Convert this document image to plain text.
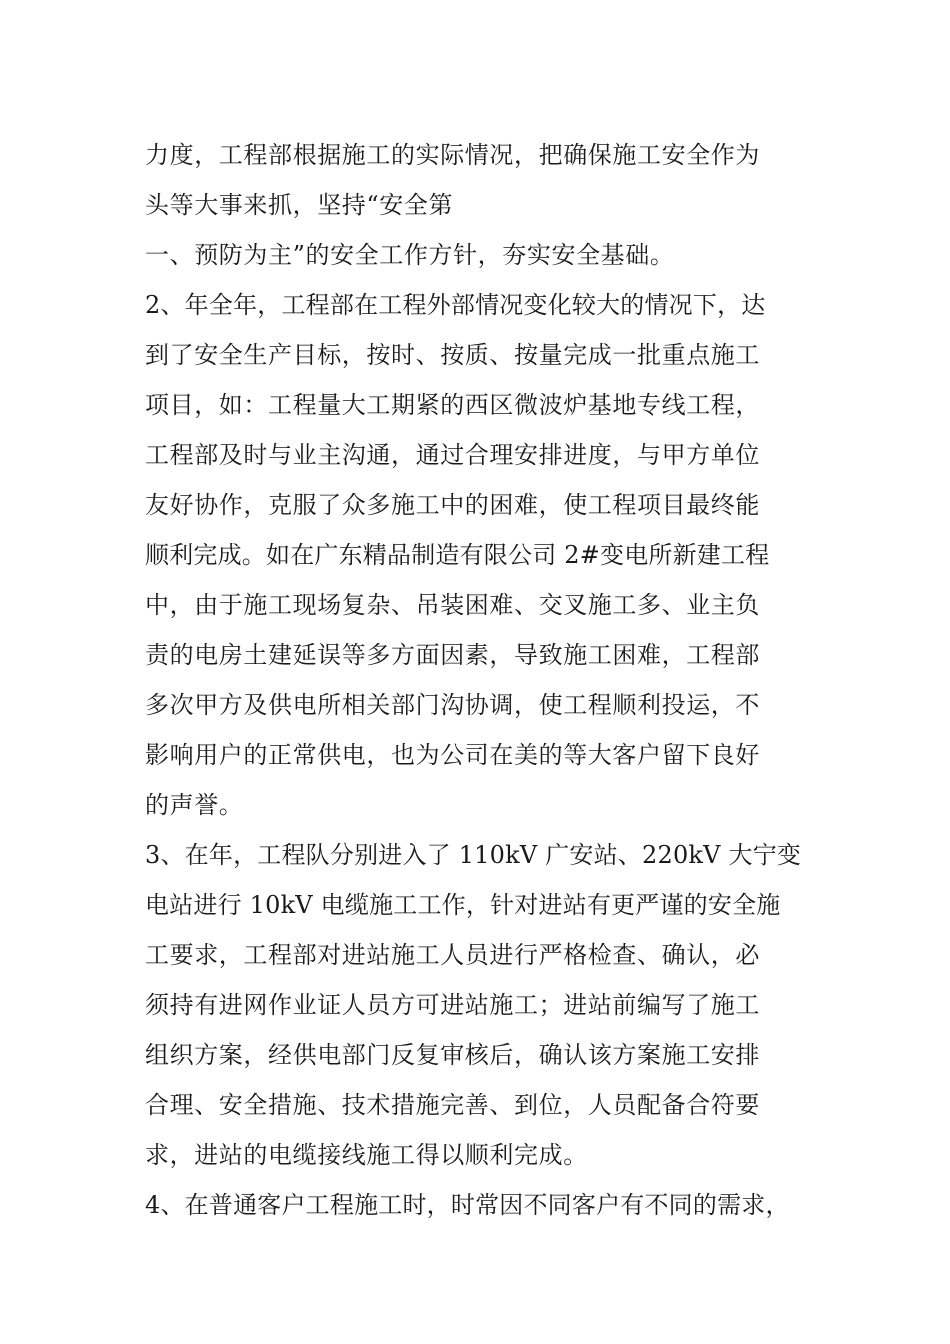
力度，工程部根据施工的实际情况，把确保施工安全作为
头等大事来抓，坚持“安全第
一、预防为主”的安全工作方针，夯实安全基础。
2、年全年，工程部在工程外部情况变化较大的情况下，达
到了安全生产目标，按时、按质、按量完成一批重点施工
项目，如：工程量大工期紧的西区微波炉基地专线工程，
工程部及时与业主沟通，通过合理安排进度，与甲方单位
友好协作，克服了众多施工中的困难，使工程项目最终能
顺利完成。如在广东精品制造有限公司 2#变电所新建工程
中，由于施工现场复杂、吊装困难、交叉施工多、业主负
责的电房土建延误等多方面因素，导致施工困难，工程部
多次甲方及供电所相关部门沟协调，使工程顺利投运，不
影响用户的正常供电，也为公司在美的等大客户留下良好
的声誉。
3、在年，工程队分别进入了 110kV 广安站、220kV 大宁变
电站进行 10kV 电缆施工工作，针对进站有更严谨的安全施
工要求，工程部对进站施工人员进行严格检查、确认，必
须持有进网作业证人员方可进站施工；进站前编写了施工
组织方案，经供电部门反复审核后，确认该方案施工安排
合理、安全措施、技术措施完善、到位，人员配备合符要
求，进站的电缆接线施工得以顺利完成。
4、在普通客户工程施工时，时常因不同客户有不同的需求，
